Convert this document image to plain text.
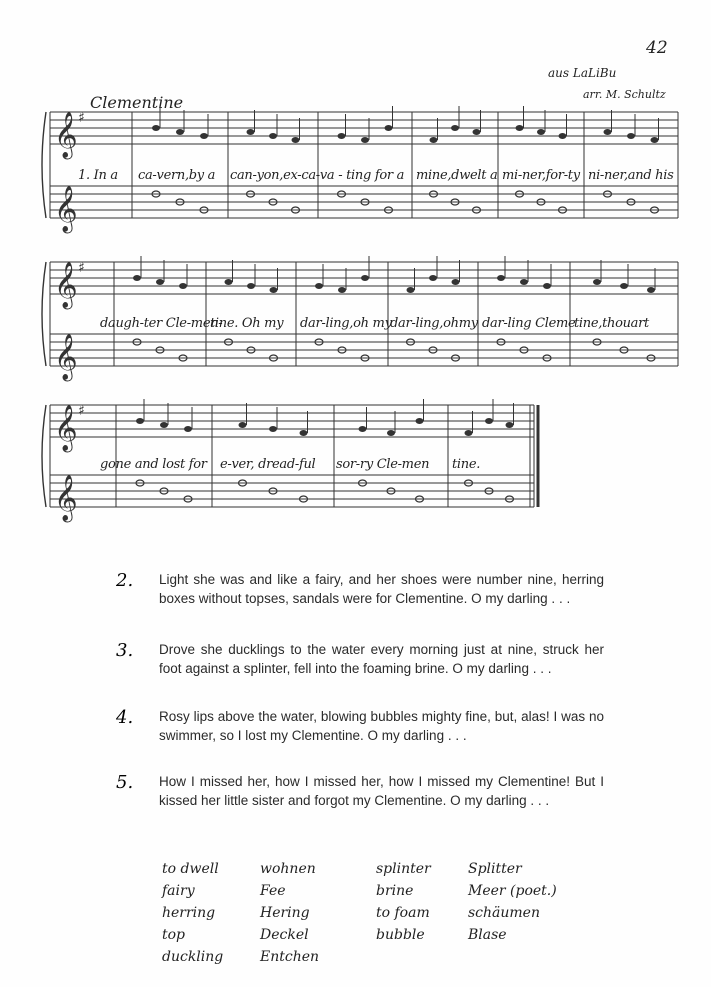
42
aus LaLiBu
arr. M. Schultz
Clementine
𝄞 ♯
𝄞
𝄞 ♯
𝄞
𝄞 ♯
𝄞
1. In a ca-vern,by a can-yon,ex-ca-va - ting for a mine,dwelt a mi-ner,for-ty ni-ner,and his
daugh-ter Cle-men-
tine. Oh my dar-ling,oh my
dar-ling,ohmy dar-ling Cleme
tine,thouart
gone and lost for e-ver, dread-ful sor-ry Cle-men tine.
2. Light she was and like a fairy, and her shoes were number nine, herring boxes without topses, sandals were for Clementine. O my darling . . .
3. Drove she ducklings to the water every morning just at nine, struck her foot against a splinter, fell into the foaming brine. O my darling . . .
4. Rosy lips above the water, blowing bubbles mighty fine, but, alas! I was no swimmer, so I lost my Clementine. O my darling . . .
5. How I missed her, how I missed her, how I missed my Clementine! But I kissed her little sister and forgot my Clementine. O my darling . . .
to dwell
fairy
herring
top
duckling
wohnen
Fee
Hering
Deckel
Entchen
splinter
brine
to foam
bubble
Splitter
Meer (poet.)
schäumen
Blase
